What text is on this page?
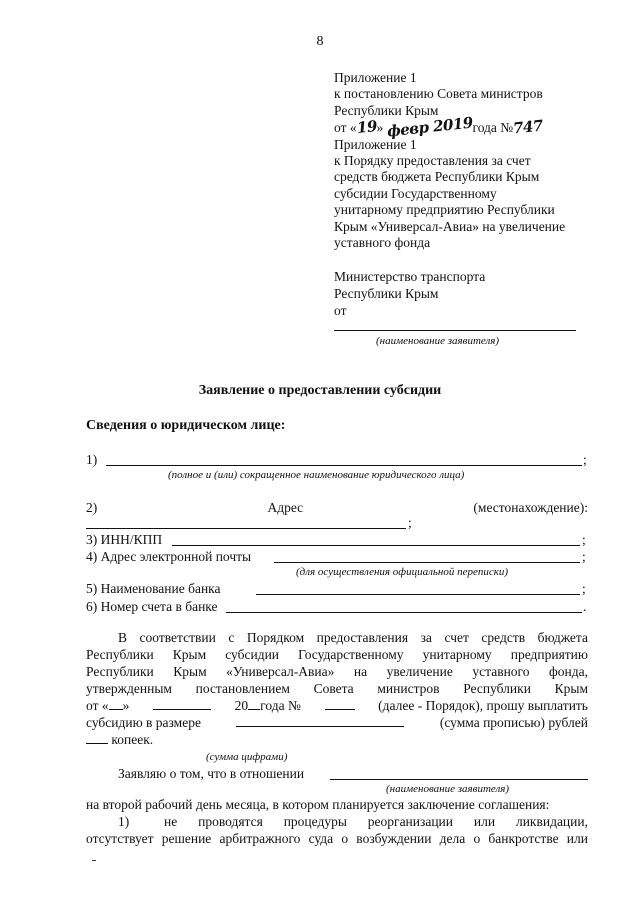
8
Приложение 1
к постановлению Совета министров
Республики Крым
от «19» февр 2019года №747
Приложение 1
к Порядку предоставления за счет
средств бюджета Республики Крым
субсидии Государственному
унитарному предприятию Республики
Крым «Универсал-Авиа» на увеличение
уставного фонда
Министерство транспорта
Республики Крым
от
(наименование заявителя)
Заявление о предоставлении субсидии
Сведения о юридическом лице:
1)	;
(полное и (или) сокращенное наименование юридического лица)
2)	Адрес	(местонахождение):
;
3) ИНН/КПП	;
4) Адрес электронной почты	;
(для осуществления официальной переписки)
5) Наименование банка	;
6) Номер счета в банке	.
В соответствии с Порядком предоставления за счет средств бюджета
Республики Крым субсидии Государственному унитарному предприятию
Республики Крым «Универсал-Авиа» на увеличение уставного фонда,
утвержденным постановлением Совета министров Республики Крым
от « »	20 года №	(далее - Порядок), прошу выплатить
субсидию в размере	(сумма прописью) рублей
копеек.
(сумма цифрами)
Заявляю о том, что в отношении
(наименование заявителя)
на второй рабочий день месяца, в котором планируется заключение соглашения:
1)	не проводятся процедуры реорганизации или ликвидации,
отсутствует решение арбитражного суда о возбуждении дела о банкротстве или
